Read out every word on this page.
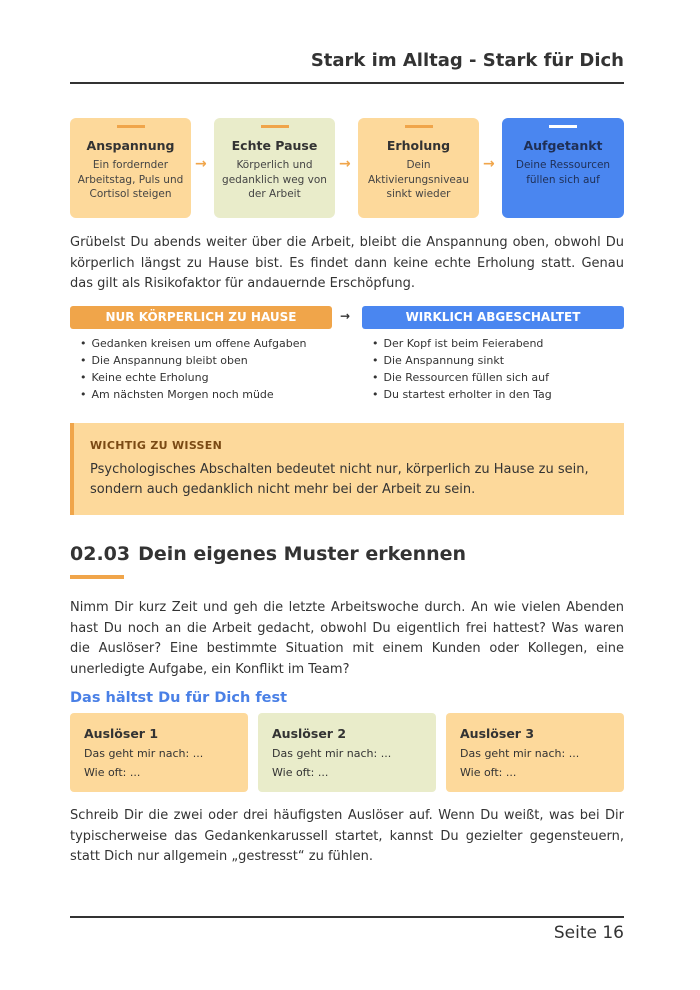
Stark im Alltag - Stark für Dich
Anspannung
Ein fordernder
Arbeitstag, Puls und
Cortisol steigen
→
Echte Pause
Körperlich und
gedanklich weg von
der Arbeit
→
Erholung
Dein
Aktivierungsniveau
sinkt wieder
→
Aufgetankt
Deine Ressourcen
füllen sich auf
Grübelst Du abends weiter über die Arbeit, bleibt die Anspannung oben, obwohl Du körperlich längst zu Hause bist. Es findet dann keine echte Erholung statt. Genau das gilt als Risikofaktor für andauernde Erschöpfung.
NUR KÖRPERLICH ZU HAUSE	→	WIRKLICH ABGESCHALTET
• Gedanken kreisen um offene Aufgaben
• Die Anspannung bleibt oben
• Keine echte Erholung
• Am nächsten Morgen noch müde
• Der Kopf ist beim Feierabend
• Die Anspannung sinkt
• Die Ressourcen füllen sich auf
• Du startest erholter in den Tag
WICHTIG ZU WISSEN
Psychologisches Abschalten bedeutet nicht nur, körperlich zu Hause zu sein, sondern auch gedanklich nicht mehr bei der Arbeit zu sein.
02.03 Dein eigenes Muster erkennen
Nimm Dir kurz Zeit und geh die letzte Arbeitswoche durch. An wie vielen Abenden hast Du noch an die Arbeit gedacht, obwohl Du eigentlich frei hattest? Was waren die Auslöser? Eine bestimmte Situation mit einem Kunden oder Kollegen, eine unerledigte Aufgabe, ein Konflikt im Team?
Das hältst Du für Dich fest
Auslöser 1
Das geht mir nach: ...
Wie oft: ...
Auslöser 2
Das geht mir nach: ...
Wie oft: ...
Auslöser 3
Das geht mir nach: ...
Wie oft: ...
Schreib Dir die zwei oder drei häufigsten Auslöser auf. Wenn Du weißt, was bei Dir typischerweise das Gedankenkarussell startet, kannst Du gezielter gegensteuern, statt Dich nur allgemein „gestresst“ zu fühlen.
Seite 16
